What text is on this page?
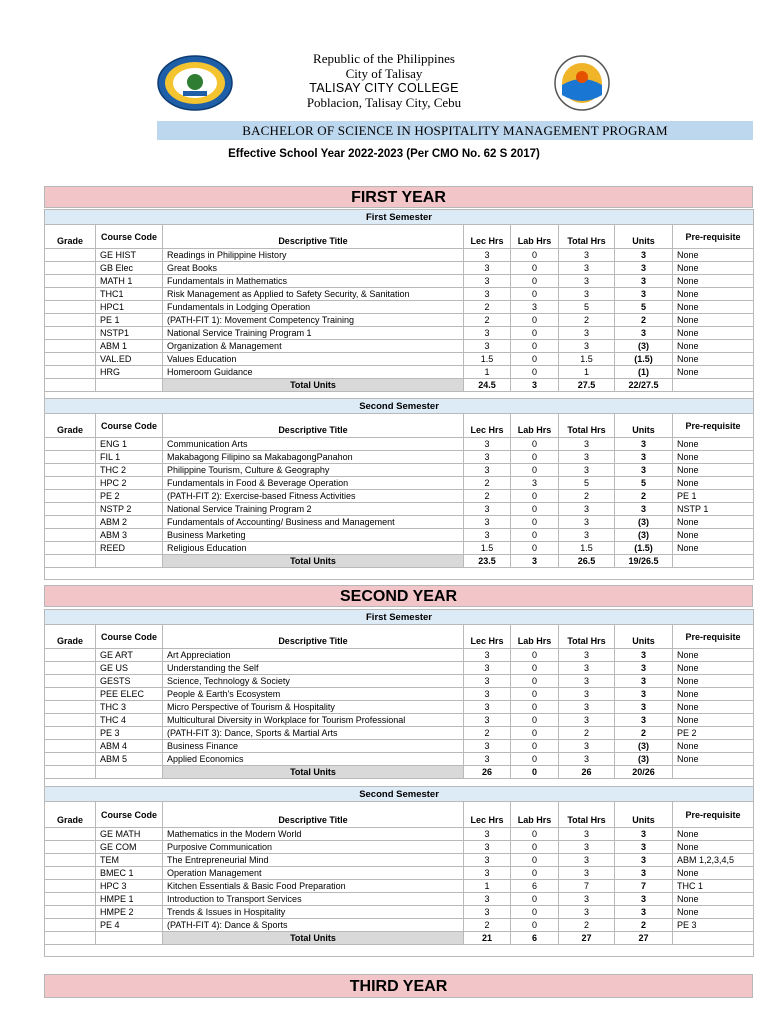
Republic of the Philippines
City of Talisay
TALISAY CITY COLLEGE
Poblacion, Talisay City, Cebu
BACHELOR OF SCIENCE IN HOSPITALITY MANAGEMENT PROGRAM
Effective School Year 2022-2023 (Per CMO No. 62 S 2017)
FIRST YEAR
First Semester							
Grade	Course Code	Descriptive Title	Lec Hrs	Lab Hrs	Total Hrs	Units	Pre-requisite
	GE HIST	Readings in Philippine History	3	0	3	3	None
	GB Elec	Great Books	3	0	3	3	None
	MATH 1	Fundamentals in Mathematics	3	0	3	3	None
	THC1	Risk Management as Applied to Safety Security, & Sanitation	3	0	3	3	None
	HPC1	Fundamentals in Lodging Operation	2	3	5	5	None
	PE 1	(PATH-FIT 1): Movement Competency Training	2	0	2	2	None
	NSTP1	National Service Training Program 1	3	0	3	3	None
	ABM 1	Organization & Management	3	0	3	(3)	None
	VAL.ED	Values Education	1.5	0	1.5	(1.5)	None
	HRG	Homeroom Guidance	1	0	1	(1)	None
		Total Units	24.5	3	27.5	22/27.5	

Second Semester							
Grade	Course Code	Descriptive Title	Lec Hrs	Lab Hrs	Total Hrs	Units	Pre-requisite
	ENG 1	Communication Arts	3	0	3	3	None
	FIL 1	Makabagong Filipino sa MakabagongPanahon	3	0	3	3	None
	THC 2	Philippine Tourism, Culture & Geography	3	0	3	3	None
	HPC 2	Fundamentals in Food & Beverage Operation	2	3	5	5	None
	PE 2	(PATH-FIT 2): Exercise-based Fitness Activities	2	0	2	2	PE 1
	NSTP 2	National Service Training Program 2	3	0	3	3	NSTP 1
	ABM 2	Fundamentals of Accounting/ Business and Management	3	0	3	(3)	None
	ABM 3	Business Marketing	3	0	3	(3)	None
	REED	Religious Education	1.5	0	1.5	(1.5)	None
		Total Units	23.5	3	26.5	19/26.5	

SECOND YEAR
First Semester							
Grade	Course Code	Descriptive Title	Lec Hrs	Lab Hrs	Total Hrs	Units	Pre-requisite
	GE ART	Art Appreciation	3	0	3	3	None
	GE US	Understanding the Self	3	0	3	3	None
	GESTS	Science, Technology & Society	3	0	3	3	None
	PEE ELEC	People & Earth's Ecosystem	3	0	3	3	None
	THC 3	Micro Perspective of Tourism & Hospitality	3	0	3	3	None
	THC 4	Multicultural Diversity in Workplace for Tourism Professional	3	0	3	3	None
	PE 3	(PATH-FIT 3): Dance, Sports & Martial Arts	2	0	2	2	PE 2
	ABM 4	Business Finance	3	0	3	(3)	None
	ABM 5	Applied Economics	3	0	3	(3)	None
		Total Units	26	0	26	20/26	

Second Semester							
Grade	Course Code	Descriptive Title	Lec Hrs	Lab Hrs	Total Hrs	Units	Pre-requisite
	GE MATH	Mathematics in the Modern World	3	0	3	3	None
	GE COM	Purposive Communication	3	0	3	3	None
	TEM	The Entrepreneurial Mind	3	0	3	3	ABM 1,2,3,4,5
	BMEC 1	Operation Management	3	0	3	3	None
	HPC 3	Kitchen Essentials & Basic Food Preparation	1	6	7	7	THC 1
	HMPE 1	Introduction to Transport Services	3	0	3	3	None
	HMPE 2	Trends & Issues in Hospitality	3	0	3	3	None
	PE 4	(PATH-FIT 4): Dance & Sports	2	0	2	2	PE 3
		Total Units	21	6	27	27	

THIRD YEAR
